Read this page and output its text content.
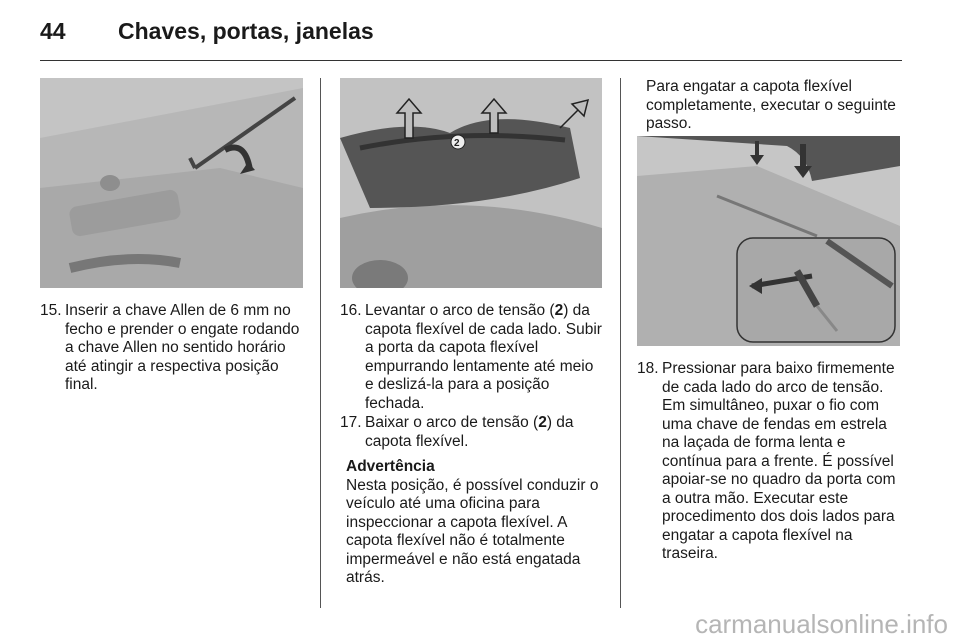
44 Chaves, portas, janelas
2
15. Inserir a chave Allen de 6 mm no fecho e prender o engate rodando a chave Allen no sentido horário até atingir a respectiva posição final.
16. Levantar o arco de tensão (2) da capota flexível de cada lado. Subir a porta da capota flexível empurrando lentamente até meio e deslizá-la para a posição fechada.
17. Baixar o arco de tensão (2) da capota flexível.
Advertência
Nesta posição, é possível conduzir o veículo até uma oficina para inspeccionar a capota flexível. A capota flexível não é totalmente impermeável e não está engatada atrás.
Para engatar a capota flexível completamente, executar o seguinte passo.
18. Pressionar para baixo firmemente de cada lado do arco de tensão. Em simultâneo, puxar o fio com uma chave de fendas em estrela na laçada de forma lenta e contínua para a frente. É possível apoiar-se no quadro da porta com a outra mão. Executar este procedimento dos dois lados para engatar a capota flexível na traseira.
carmanualsonline.info
